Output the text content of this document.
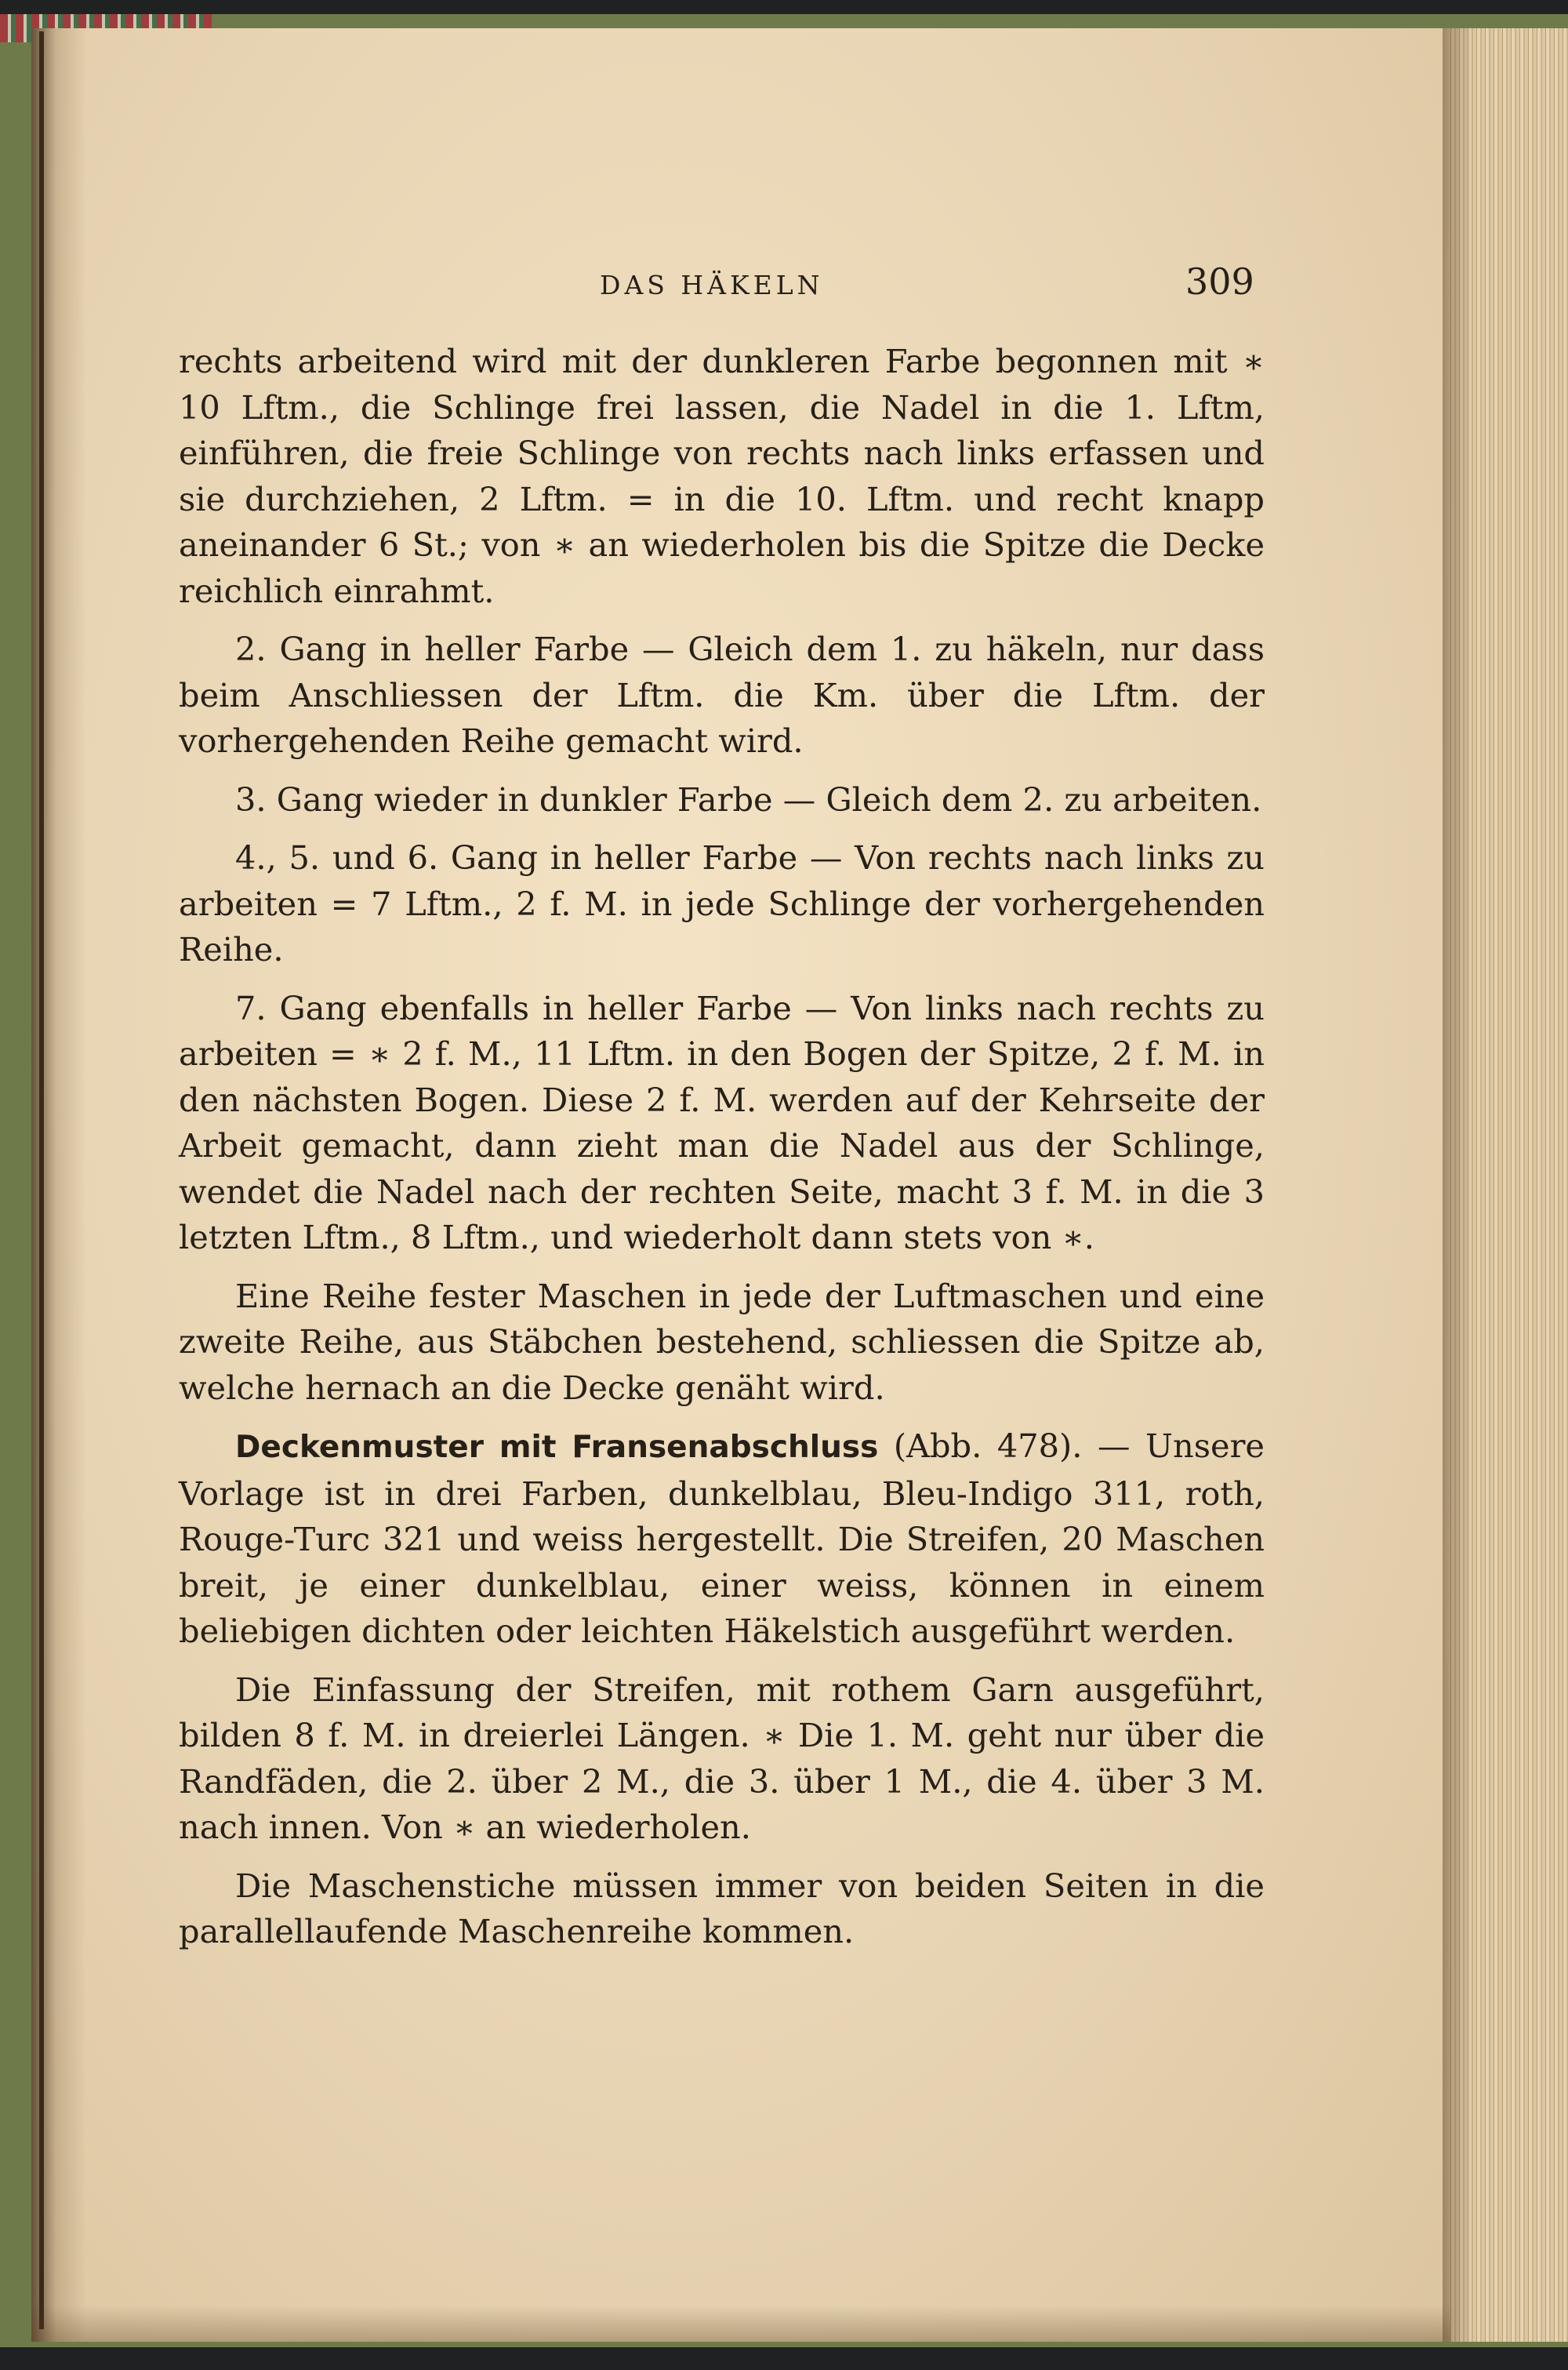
DAS HÄKELN	309

rechts arbeitend wird mit der dunkleren Farbe begonnen mit ∗ 10 Lftm., die Schlinge frei lassen, die Nadel in die 1. Lftm, einführen, die freie Schlinge von rechts nach links erfassen und sie durchziehen, 2 Lftm. = in die 10. Lftm. und recht knapp aneinander 6 St.; von ∗ an wiederholen bis die Spitze die Decke reichlich einrahmt.

2. Gang in heller Farbe — Gleich dem 1. zu häkeln, nur dass beim Anschliessen der Lftm. die Km. über die Lftm. der vorhergehenden Reihe gemacht wird.

3. Gang wieder in dunkler Farbe — Gleich dem 2. zu arbeiten.

4., 5. und 6. Gang in heller Farbe — Von rechts nach links zu arbeiten = 7 Lftm., 2 f. M. in jede Schlinge der vorhergehenden Reihe.

7. Gang ebenfalls in heller Farbe — Von links nach rechts zu arbeiten = ∗ 2 f. M., 11 Lftm. in den Bogen der Spitze, 2 f. M. in den nächsten Bogen. Diese 2 f. M. werden auf der Kehrseite der Arbeit gemacht, dann zieht man die Nadel aus der Schlinge, wendet die Nadel nach der rechten Seite, macht 3 f. M. in die 3 letzten Lftm., 8 Lftm., und wiederholt dann stets von ∗.

Eine Reihe fester Maschen in jede der Luftmaschen und eine zweite Reihe, aus Stäbchen bestehend, schliessen die Spitze ab, welche hernach an die Decke genäht wird.

Deckenmuster mit Fransenabschluss (Abb. 478). — Unsere Vorlage ist in drei Farben, dunkelblau, Bleu-Indigo 311, roth, Rouge-Turc 321 und weiss hergestellt. Die Streifen, 20 Maschen breit, je einer dunkelblau, einer weiss, können in einem beliebigen dichten oder leichten Häkelstich ausgeführt werden.

Die Einfassung der Streifen, mit rothem Garn ausgeführt, bilden 8 f. M. in dreierlei Längen. ∗ Die 1. M. geht nur über die Randfäden, die 2. über 2 M., die 3. über 1 M., die 4. über 3 M. nach innen. Von ∗ an wiederholen.

Die Maschenstiche müssen immer von beiden Seiten in die parallellaufende Maschenreihe kommen.
